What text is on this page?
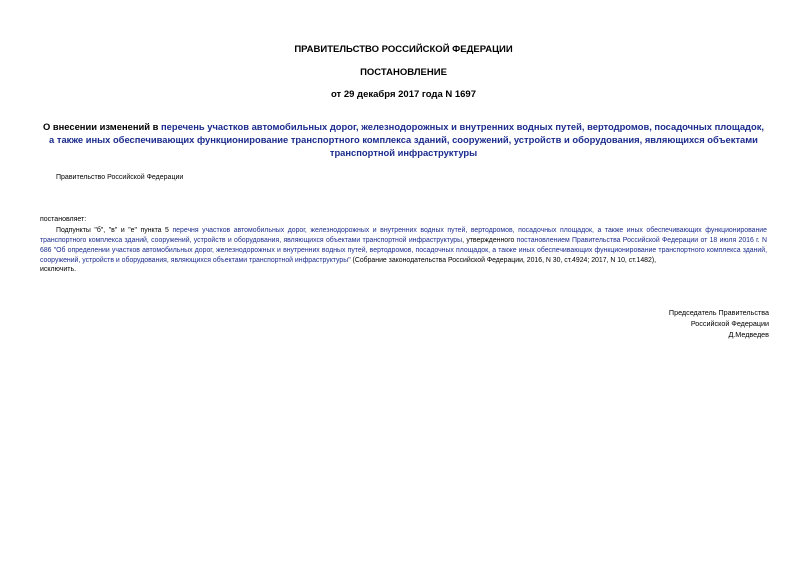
ПРАВИТЕЛЬСТВО РОССИЙСКОЙ ФЕДЕРАЦИИ
ПОСТАНОВЛЕНИЕ
от 29 декабря 2017 года N 1697
О внесении изменений в перечень участков автомобильных дорог, железнодорожных и внутренних водных путей, вертодромов, посадочных площадок, а также иных обеспечивающих функционирование транспортного комплекса зданий, сооружений, устройств и оборудования, являющихся объектами транспортной инфраструктуры
Правительство Российской Федерации
постановляет:
Подпункты "б", "в" и "е" пункта 5 перечня участков автомобильных дорог, железнодорожных и внутренних водных путей, вертодромов, посадочных площадок, а также иных обеспечивающих функционирование транспортного комплекса зданий, сооружений, устройств и оборудования, являющихся объектами транспортной инфраструктуры, утвержденного постановлением Правительства Российской Федерации от 18 июля 2016 г. N 686 "Об определении участков автомобильных дорог, железнодорожных и внутренних водных путей, вертодромов, посадочных площадок, а также иных обеспечивающих функционирование транспортного комплекса зданий, сооружений, устройств и оборудования, являющихся объектами транспортной инфраструктуры" (Собрание законодательства Российской Федерации, 2016, N 30, ст.4924; 2017, N 10, ст.1482),
исключить.
Председатель Правительства
Российской Федерации
Д.Медведев
